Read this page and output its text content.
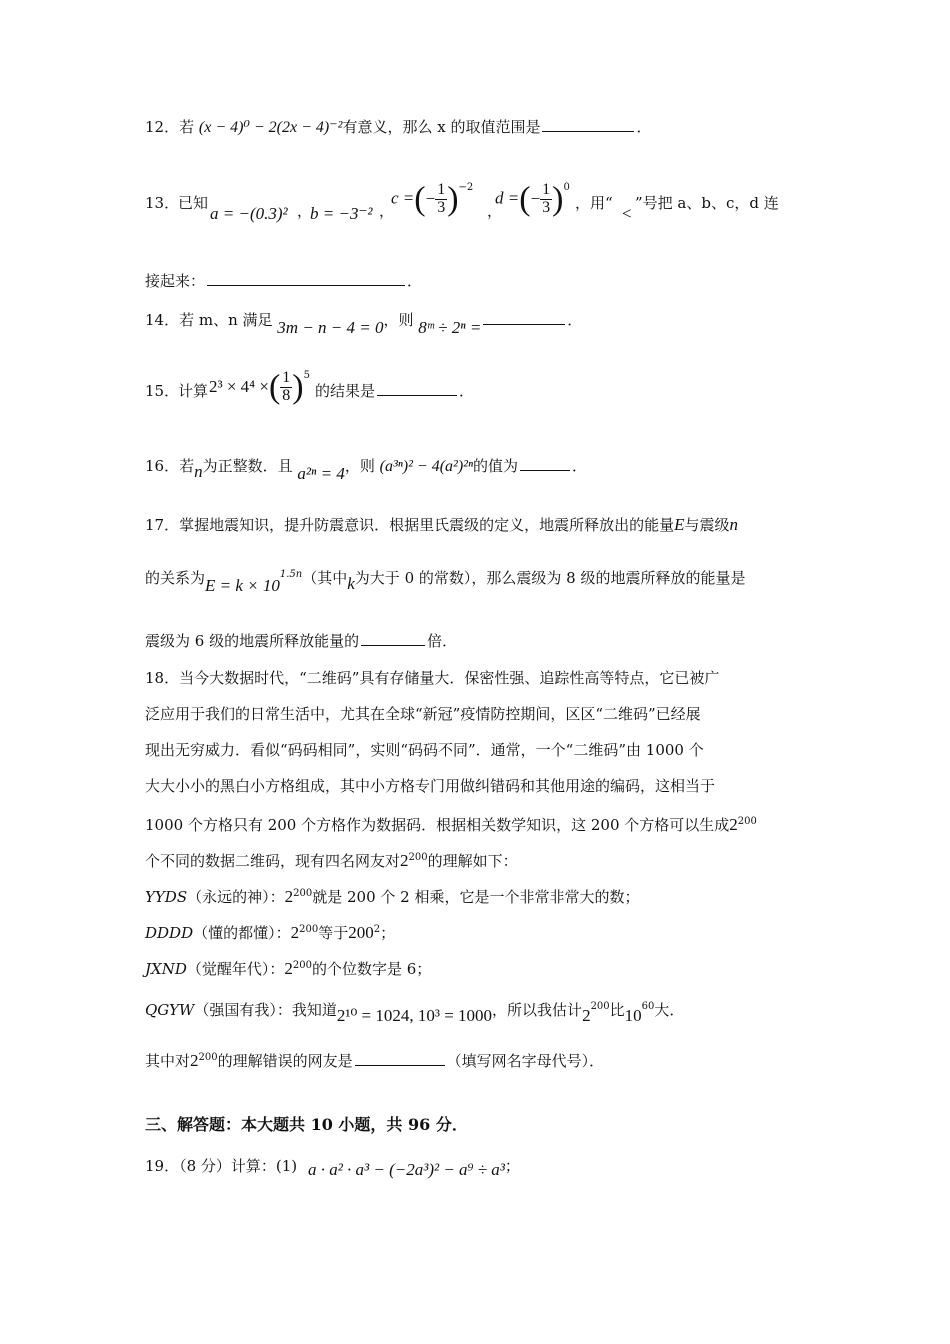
12．若 (x − 4)⁰ − 2(2x − 4)⁻²有意义，那么 x 的取值范围是	．
13．
已知
a = −(0.3)² ，
b = −3⁻² ，
c =(− $\frac{1}{3} )^{-2}$
，
d =(− $\frac{1}{3} )^0$
，用“
<
”号把 a、b、c，d 连
接起来：	．
14．若 m、n 满足 3m − n − 4 = 0，则 8ᵐ ÷ 2ⁿ =	．
15．
计算 2³ × 4⁴ ×( $\frac{1}{8} )^5$
的结果是	．
16．若n为正整数．且 a²ⁿ = 4，则 (a³ⁿ)² − 4(a²)²ⁿ的值为	．
17．掌握地震知识，提升防震意识．根据里氏震级的定义，地震所释放出的能量E与震级n
的关系为$E = k \times 10^{1.5n}$（其中k为大于 0 的常数），那么震级为 8 级的地震所释放的能量是
震级为 6 级的地震所释放能量的	倍．
18．当今大数据时代，“二维码”具有存储量大．保密性强、追踪性高等特点，它已被广
泛应用于我们的日常生活中，尤其在全球“新冠”疫情防控期间，区区“二维码”已经展
现出无穷威力．看似“码码相同”，实则“码码不同”．通常，一个“二维码”由 1000 个
大大小小的黑白小方格组成，其中小方格专门用做纠错码和其他用途的编码，这相当于
1000 个方格只有 200 个方格作为数据码．根据相关数学知识，这 200 个方格可以生成$2^{200}$
个不同的数据二维码，现有四名网友对$2^{200}$的理解如下：
YYDS（永远的神）：$2^{200}$就是 200 个 2 相乘，它是一个非常非常大的数；
DDDD（懂的都懂）：$2^{200}$等于$200^2$；
JXND（觉醒年代）：$2^{200}$的个位数字是 6；
QGYW（强国有我）：我知道2¹⁰ = 1024, 10³ = 1000，所以我估计$2^{200}$比$10^{60}$大．
其中对$2^{200}$的理解错误的网友是	（填写网名字母代号）．
三、解答题：本大题共 10 小题，共 96 分．
19．（8 分）计算：(1) a · a² · a³ − (−2a³)² − a⁹ ÷ a³；
